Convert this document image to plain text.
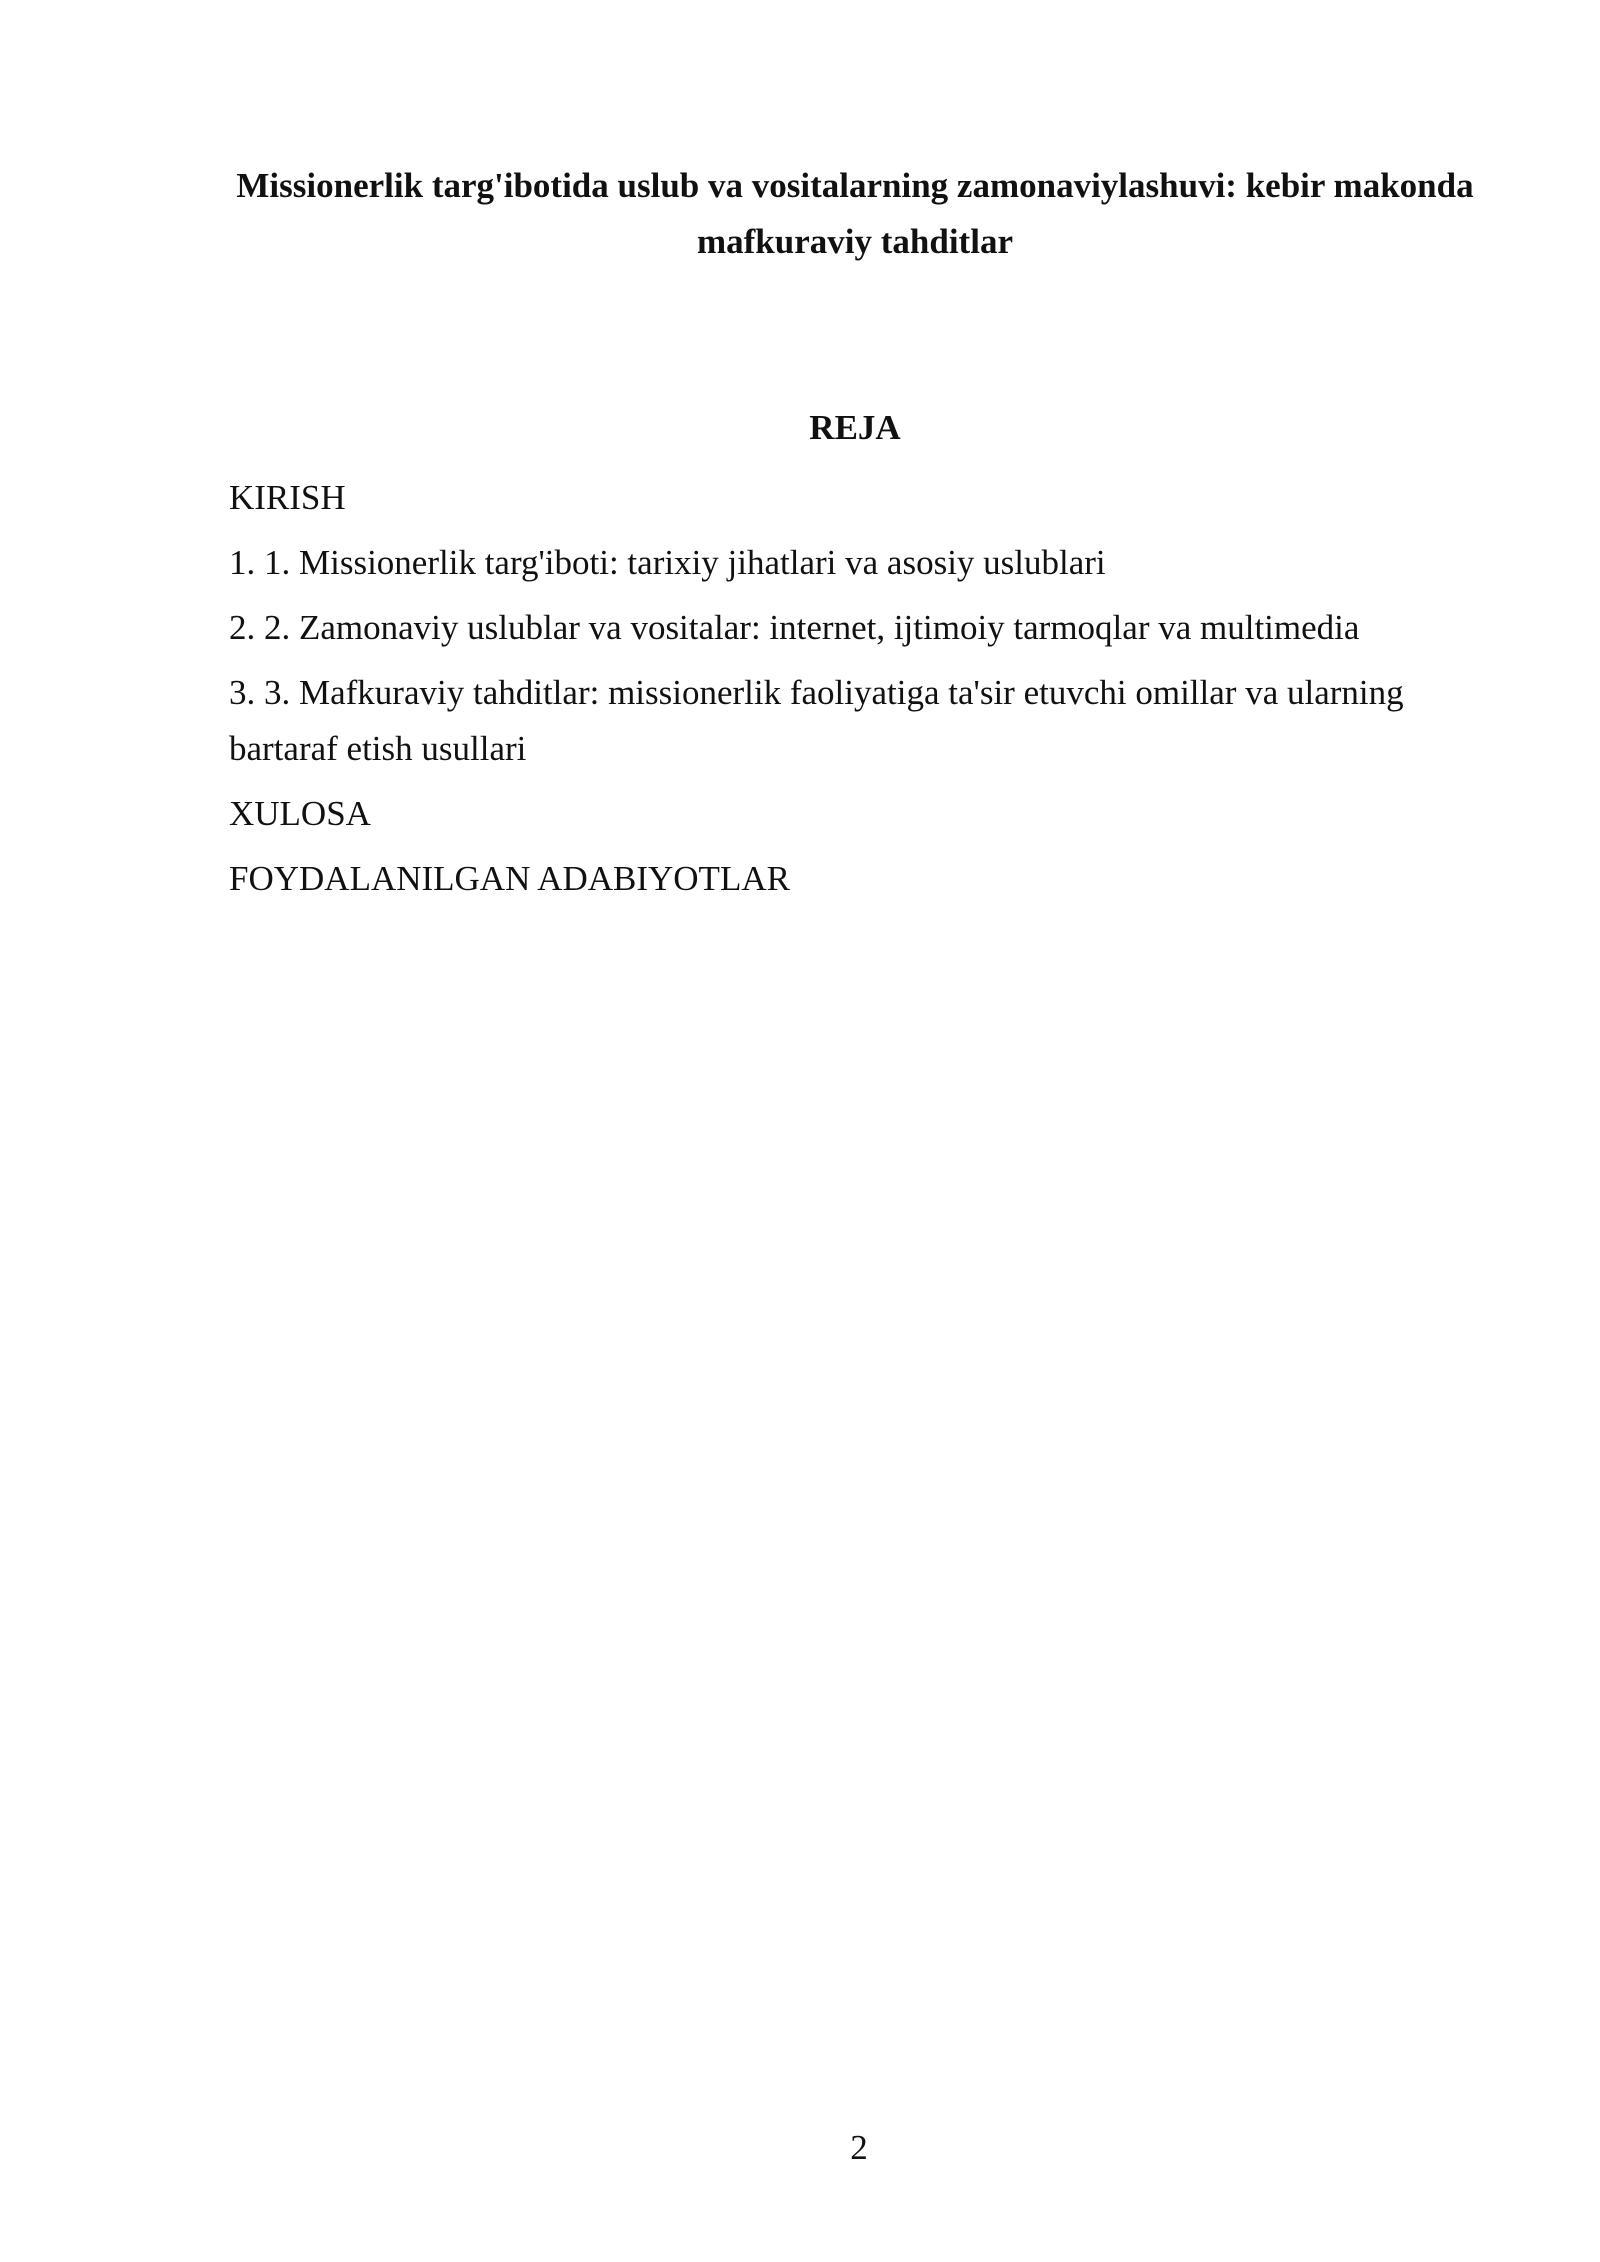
Missionerlik targ'ibotida uslub va vositalarning zamonaviylashuvi: kebir makonda mafkuraviy tahditlar
REJA
KIRISH
1. 1. Missionerlik targ'iboti: tarixiy jihatlari va asosiy uslublari
2. 2. Zamonaviy uslublar va vositalar: internet, ijtimoiy tarmoqlar va multimedia
3. 3. Mafkuraviy tahditlar: missionerlik faoliyatiga ta'sir etuvchi omillar va ularning bartaraf etish usullari
XULOSA
FOYDALANILGAN ADABIYOTLAR

2
